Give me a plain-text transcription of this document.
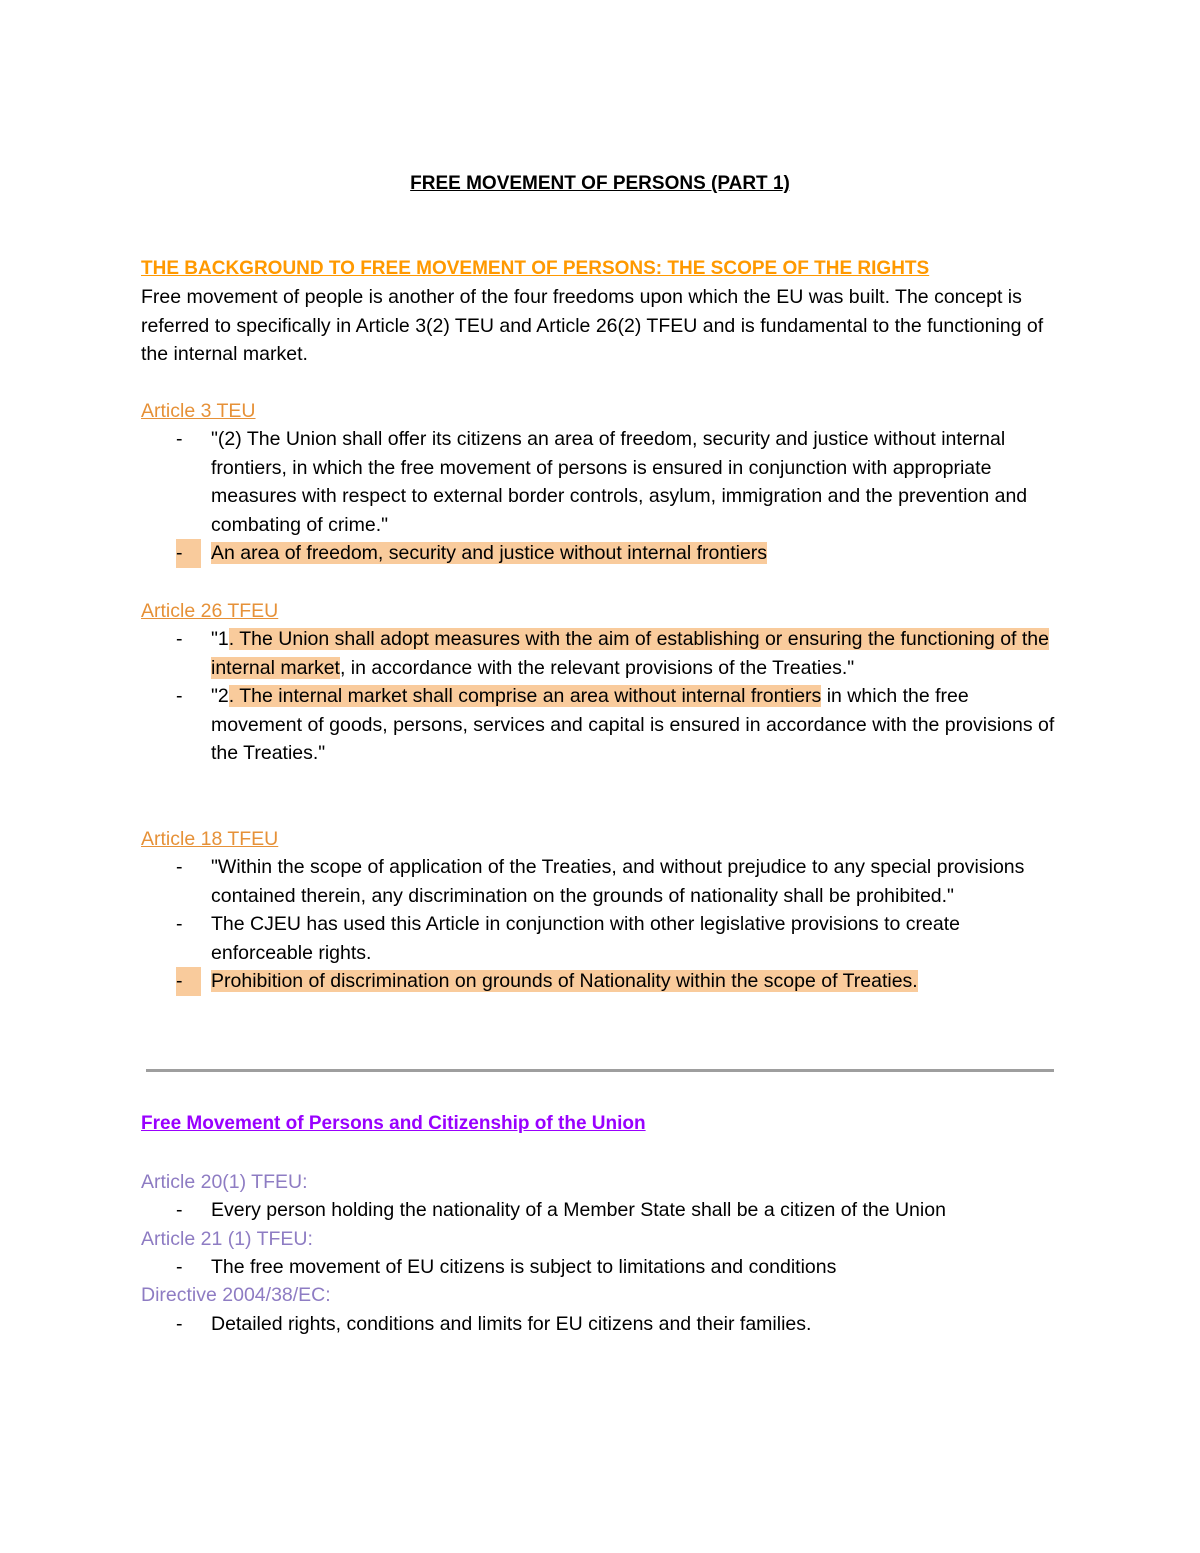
FREE MOVEMENT OF PERSONS (PART 1)
THE BACKGROUND TO FREE MOVEMENT OF PERSONS: THE SCOPE OF THE RIGHTS
Free movement of people is another of the four freedoms upon which the EU was built. The concept is referred to specifically in Article 3(2) TEU and Article 26(2) TFEU and is fundamental to the functioning of the internal market.
Article 3 TEU
- "(2) The Union shall offer its citizens an area of freedom, security and justice without internal frontiers, in which the free movement of persons is ensured in conjunction with appropriate measures with respect to external border controls, asylum, immigration and the prevention and combating of crime."
-	An area of freedom, security and justice without internal frontiers
Article 26 TFEU
- "1. The Union shall adopt measures with the aim of establishing or ensuring the functioning of the internal market, in accordance with the relevant provisions of the Treaties."
- "2. The internal market shall comprise an area without internal frontiers in which the free movement of goods, persons, services and capital is ensured in accordance with the provisions of the Treaties."
Article 18 TFEU
- "Within the scope of application of the Treaties, and without prejudice to any special provisions contained therein, any discrimination on the grounds of nationality shall be prohibited."
- The CJEU has used this Article in conjunction with other legislative provisions to create enforceable rights.
-	Prohibition of discrimination on grounds of Nationality within the scope of Treaties.
Free Movement of Persons and Citizenship of the Union
Article 20(1) TFEU:
- Every person holding the nationality of a Member State shall be a citizen of the Union
Article 21 (1) TFEU:
- The free movement of EU citizens is subject to limitations and conditions
Directive 2004/38/EC:
- Detailed rights, conditions and limits for EU citizens and their families.
